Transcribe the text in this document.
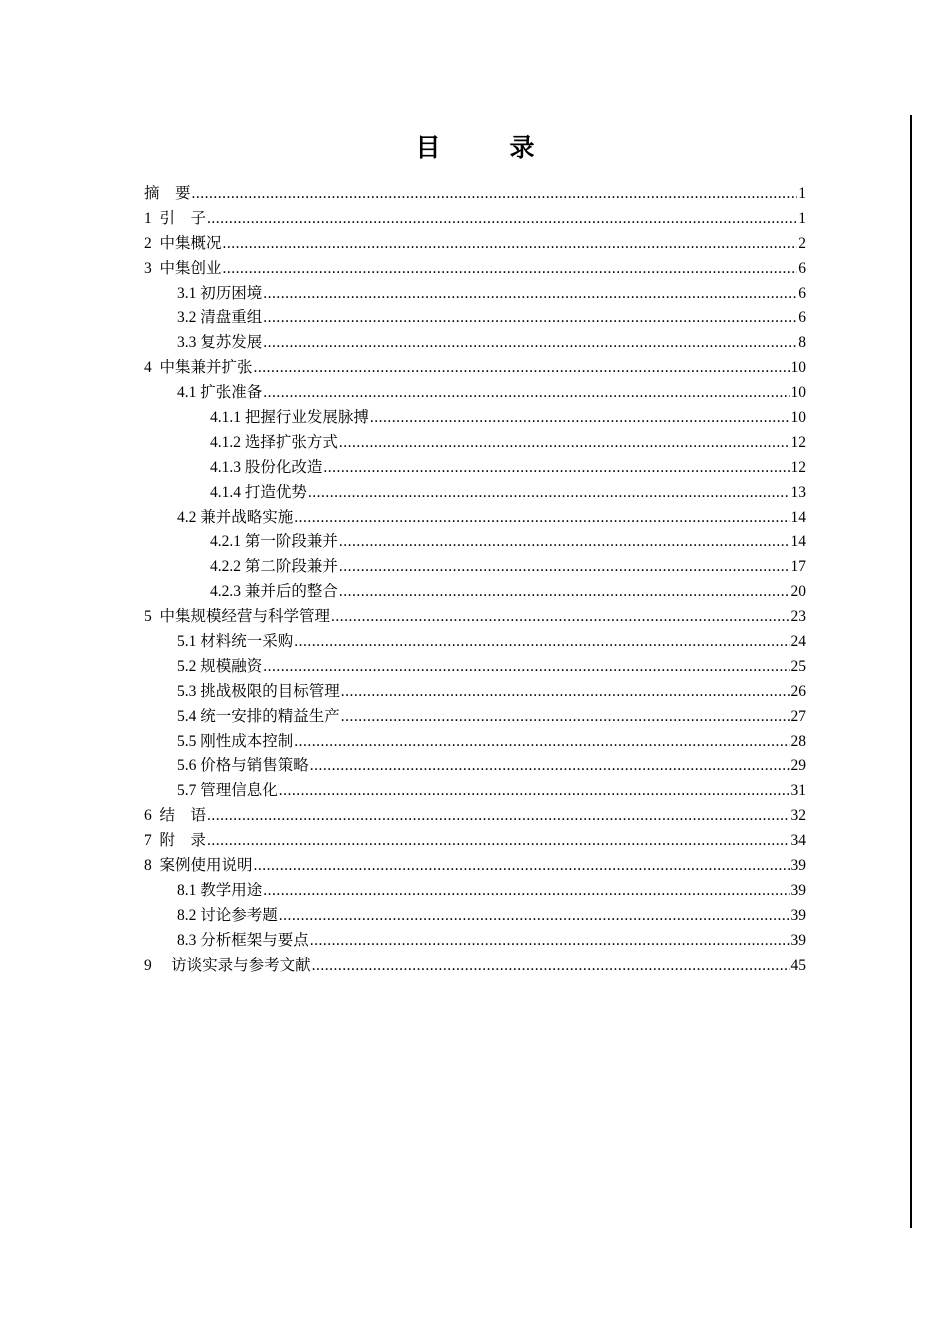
目　录
摘　要 .....	1
1  引　子 .....	1
2  中集概况 .....	2
3  中集创业 .....	6
3.1 初历困境 .....	6
3.2 清盘重组 .....	6
3.3 复苏发展 .....	8
4  中集兼并扩张 .....	10
4.1 扩张准备 .....	10
4.1.1 把握行业发展脉搏 .....	10
4.1.2 选择扩张方式 .....	12
4.1.3 股份化改造 .....	12
4.1.4 打造优势 .....	13
4.2 兼并战略实施 .....	14
4.2.1 第一阶段兼并 .....	14
4.2.2 第二阶段兼并 .....	17
4.2.3 兼并后的整合 .....	20
5  中集规模经营与科学管理 .....	23
5.1 材料统一采购 .....	24
5.2 规模融资 .....	25
5.3 挑战极限的目标管理 .....	26
5.4 统一安排的精益生产 .....	27
5.5 刚性成本控制 .....	28
5.6 价格与销售策略 .....	29
5.7 管理信息化 .....	31
6  结　语 .....	32
7  附　录 .....	34
8  案例使用说明 .....	39
8.1 教学用途 .....	39
8.2 讨论参考题 .....	39
8.3 分析框架与要点 .....	39
9     访谈实录与参考文献 .....	45
